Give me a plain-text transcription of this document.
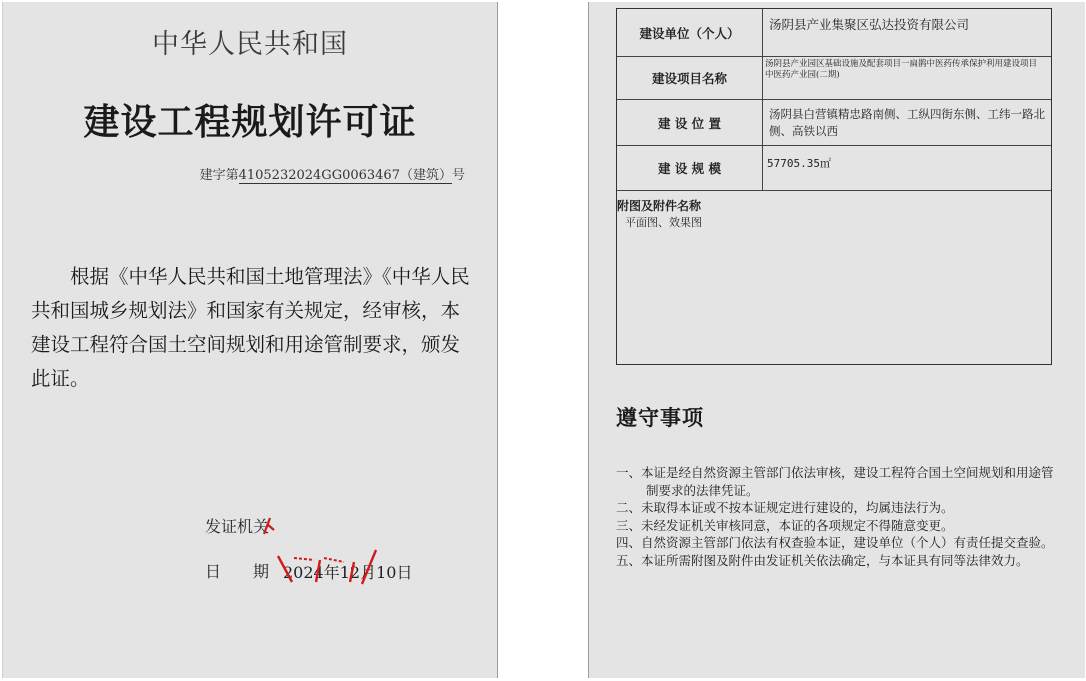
中华人民共和国
建设工程规划许可证
建字第4105232024GG0063467（建筑）号
根据《中华人民共和国土地管理法》《中华人民共和国城乡规划法》和国家有关规定，经审核，本建设工程符合国土空间规划和用途管制要求，颁发此证。
发证机关
日　　期 2024年12月10日
建设单位（个人）
汤阴县产业集聚区弘达投资有限公司
建设项目名称
汤阴县产业园区基础设施及配套项目一扁鹊中医药传承保护利用建设项目中医药产业园(二期)
建 设 位 置
汤阴县白营镇精忠路南侧、工纵四街东侧、工纬一路北侧、高铁以西
建 设 规 模	57705.35㎡
附图及附件名称
平面图、效果图
遵守事项
一、本证是经自然资源主管部门依法审核，建设工程符合国土空间规划和用途管制要求的法律凭证。
二、未取得本证或不按本证规定进行建设的，均属违法行为。
三、未经发证机关审核同意，本证的各项规定不得随意变更。
四、自然资源主管部门依法有权查验本证，建设单位（个人）有责任提交查验。
五、本证所需附图及附件由发证机关依法确定，与本证具有同等法律效力。
